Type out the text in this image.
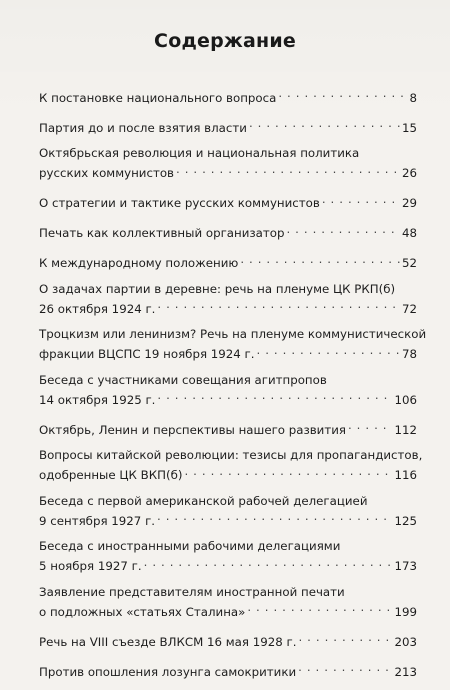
Содержание
К постановке национального вопроса . . .	8
Партия до и после взятия власти . . .	15
Октябрьская революция и национальная политика
русских коммунистов . . .	26
О стратегии и тактике русских коммунистов . . .	29
Печать как коллективный организатор . . .	48
К международному положению . . .	52
О задачах партии в деревне: речь на пленуме ЦК РКП(б)
26 октября 1924 г. . . .	72
Троцкизм или ленинизм? Речь на пленуме коммунистической
фракции ВЦСПС 19 ноября 1924 г. . . .	78
Беседа с участниками совещания агитпропов
14 октября 1925 г. . . .	106
Октябрь, Ленин и перспективы нашего развития . . .	112
Вопросы китайской революции: тезисы для пропагандистов,
одобренные ЦК ВКП(б) . . .	116
Беседа с первой американской рабочей делегацией
9 сентября 1927 г. . . .	125
Беседа с иностранными рабочими делегациями
5 ноября 1927 г. . . .	173
Заявление представителям иностранной печати
о подложных «статьях Сталина» . . .	199
Речь на VIII съезде ВЛКСМ 16 мая 1928 г. . . .	203
Против опошления лозунга самокритики . . .	213
